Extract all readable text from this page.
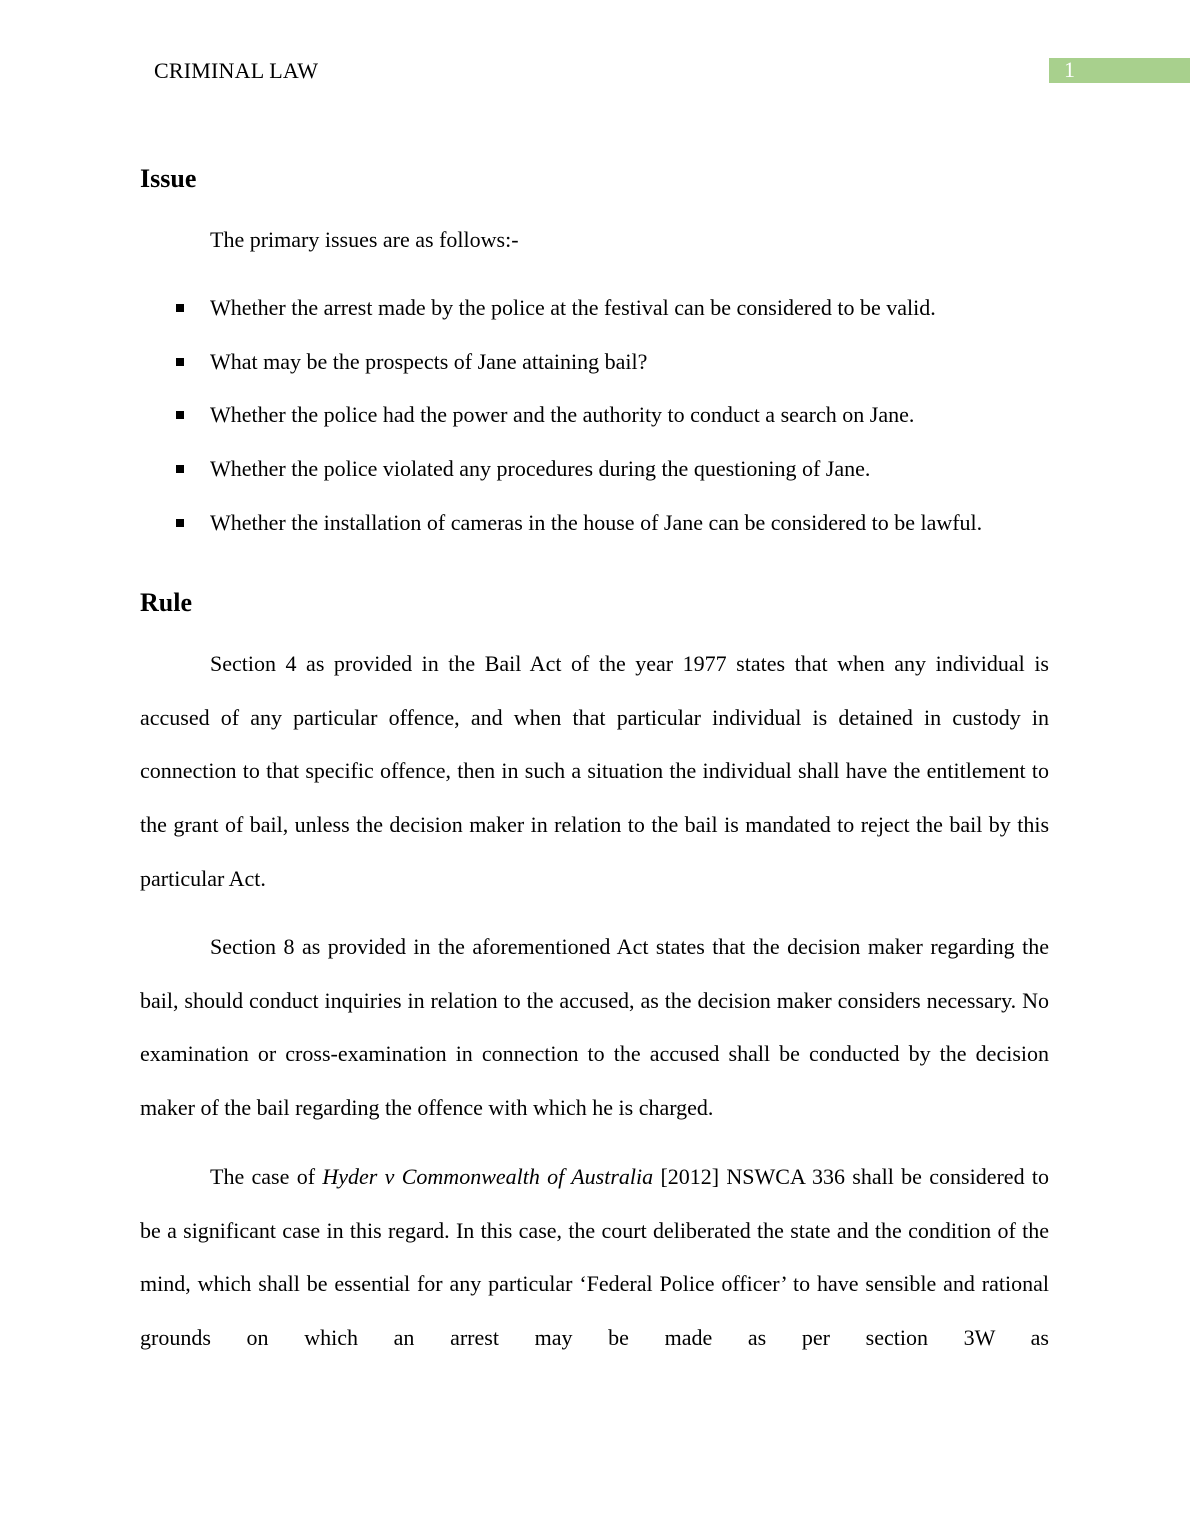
CRIMINAL LAW	1
Issue

The primary issues are as follows:-

Whether the arrest made by the police at the festival can be considered to be valid.
What may be the prospects of Jane attaining bail?
Whether the police had the power and the authority to conduct a search on Jane.
Whether the police violated any procedures during the questioning of Jane.
Whether the installation of cameras in the house of Jane can be considered to be lawful.
Rule

Section 4 as provided in the Bail Act of the year 1977 states that when any individual is accused of any particular offence, and when that particular individual is detained in custody in connection to that specific offence, then in such a situation the individual shall have the entitlement to the grant of bail, unless the decision maker in relation to the bail is mandated to reject the bail by this particular Act.

Section 8 as provided in the aforementioned Act states that the decision maker regarding the bail, should conduct inquiries in relation to the accused, as the decision maker considers necessary. No examination or cross-examination in connection to the accused shall be conducted by the decision maker of the bail regarding the offence with which he is charged.

The case of Hyder v Commonwealth of Australia [2012] NSWCA 336 shall be considered to be a significant case in this regard. In this case, the court deliberated the state and the condition of the mind, which shall be essential for any particular ‘Federal Police officer’ to have sensible and rational grounds on which an arrest may be made as per section 3W as
